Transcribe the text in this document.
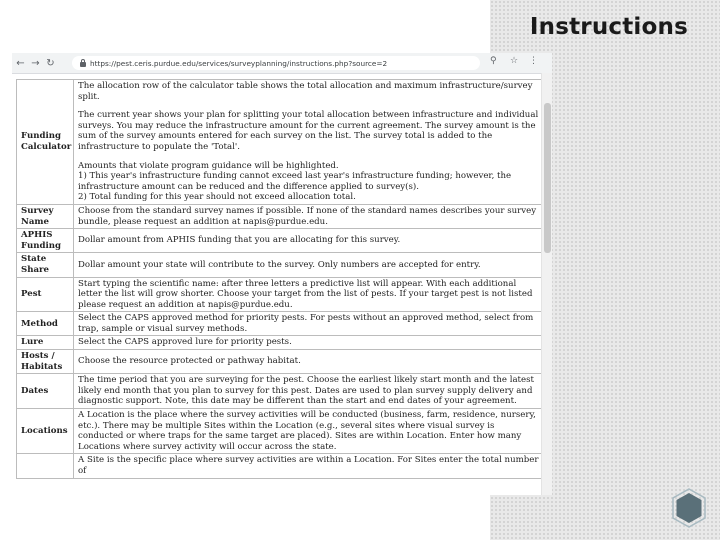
Instructions
← → ↻	https://pest.ceris.purdue.edu/services/surveyplanning/instructions.php?source=2	⚲ ☆ ⋮
Funding Calculator	The allocation row of the calculator table shows the total allocation and maximum infrastructure/survey split.

The current year shows your plan for splitting your total allocation between infrastructure and individual surveys. You may reduce the infrastructure amount for the current agreement. The survey amount is the sum of the survey amounts entered for each survey on the list. The survey total is added to the infrastructure to populate the 'Total'.

Amounts that violate program guidance will be highlighted.
1) This year's infrastructure funding cannot exceed last year's infrastructure funding; however, the infrastructure amount can be reduced and the difference applied to survey(s).
2) Total funding for this year should not exceed allocation total.

Survey Name	Choose from the standard survey names if possible. If none of the standard names describes your survey bundle, please request an addition at napis@purdue.edu.

APHIS Funding	Dollar amount from APHIS funding that you are allocating for this survey.

State Share	Dollar amount your state will contribute to the survey. Only numbers are accepted for entry.

Pest	Start typing the scientific name: after three letters a predictive list will appear. With each additional letter the list will grow shorter. Choose your target from the list of pests. If your target pest is not listed please request an addition at napis@purdue.edu.

Method	Select the CAPS approved method for priority pests. For pests without an approved method, select from trap, sample or visual survey methods.

Lure	Select the CAPS approved lure for priority pests.

Hosts / Habitats	Choose the resource protected or pathway habitat.

Dates	The time period that you are surveying for the pest. Choose the earliest likely start month and the latest likely end month that you plan to survey for this pest. Dates are used to plan survey supply delivery and diagnostic support. Note, this date may be different than the start and end dates of your agreement.

Locations	A Location is the place where the survey activities will be conducted (business, farm, residence, nursery, etc.). There may be multiple Sites within the Location (e.g., several sites where visual survey is conducted or where traps for the same target are placed). Sites are within Location. Enter how many Locations where survey activity will occur across the state.

	A Site is the specific place where survey activities are within a Location. For Sites enter the total number of
